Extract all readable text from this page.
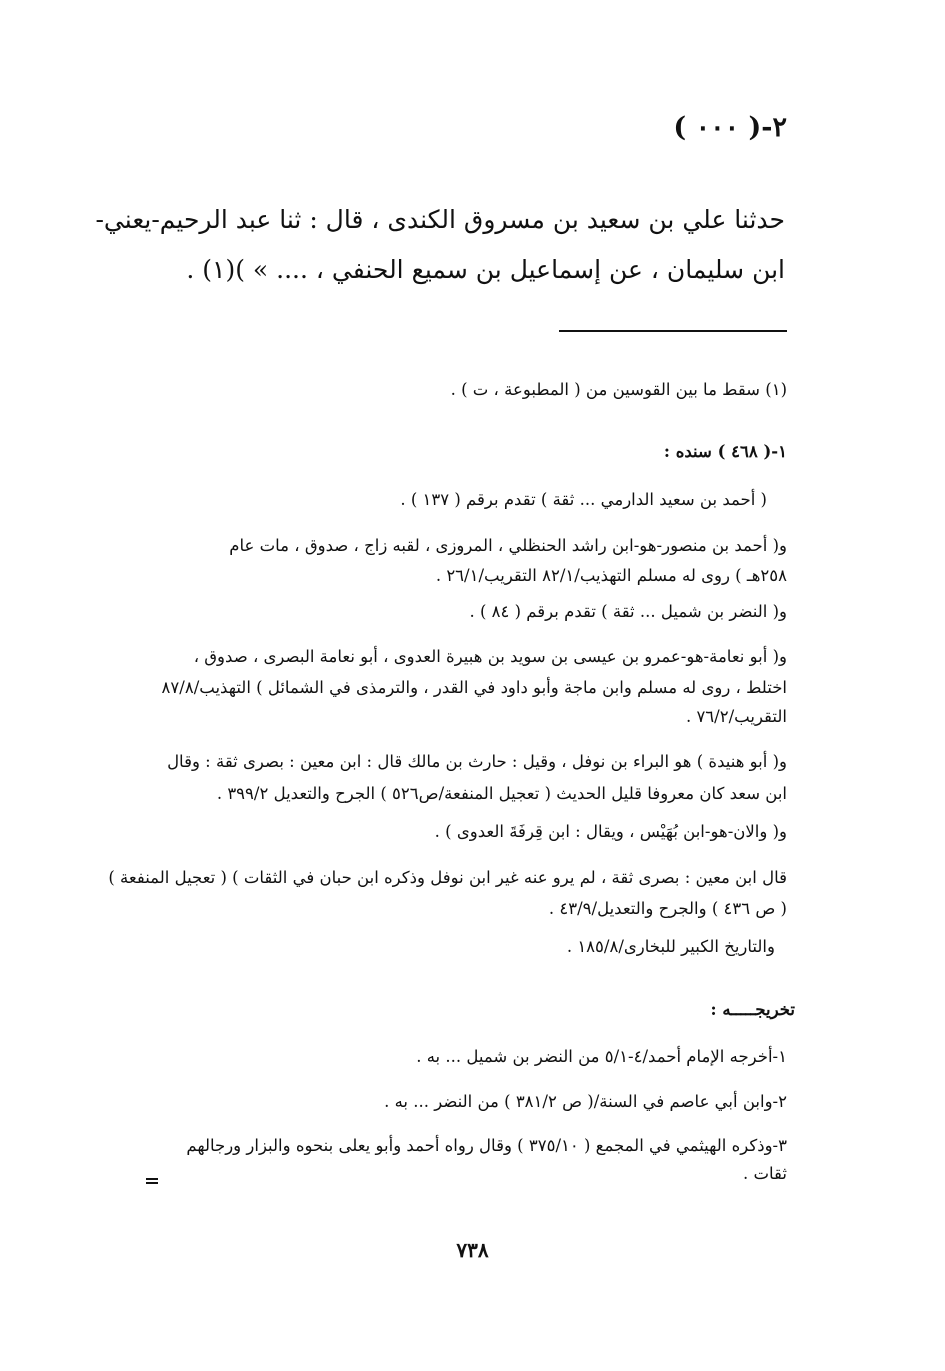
٢-( ٠٠٠ )

حدثنا علي بن سعيد بن مسروق الكندى ، قال : ثنا عبد الرحيم-يعني-

ابن سليمان ، عن إسماعيل بن سميع الحنفي ، .... » )(١) .

(١) سقط ما بين القوسين من ( المطبوعة ، ت ) .

١-( ٤٦٨ ) سنده :

( أحمد بن سعيد الدارمي ... ثقة ) تقدم برقم ( ١٣٧ ) .

و( أحمد بن منصور-هو-ابن راشد الحنظلي ، المروزى ، لقبه زاج ، صدوق ، مات عام

٢٥٨هـ ) روى له مسلم التهذيب/٨٢/١ التقريب/٢٦/١ .

و( النضر بن شميل ... ثقة ) تقدم برقم ( ٨٤ ) .

و( أبو نعامة-هو-عمرو بن عيسى بن سويد بن هبيرة العدوى ، أبو نعامة البصرى ، صدوق ،

اختلط ، روى له مسلم وابن ماجة وأبو داود في القدر ، والترمذى في الشمائل ) التهذيب/٨٧/٨

التقريب/٧٦/٢ .

و( أبو هنيدة ) هو البراء بن نوفل ، وقيل : حارث بن مالك قال : ابن معين : بصرى ثقة : وقال

ابن سعد كان معروفا قليل الحديث ( تعجيل المنفعة/ص٥٢٦ ) الجرح والتعديل ٣٩٩/٢ .

و( والان-هو-ابن بُهَيْس ، ويقال : ابن قِرفَةَ العدوى ) .

قال ابن معين : بصرى ثقة ، لم يرو عنه غير ابن نوفل وذكره ابن حبان في الثقات ) ( تعجيل المنفعة )

( ص ٤٣٦ ) والجرح والتعديل/٤٣/٩ .

والتاريخ الكبير للبخارى/١٨٥/٨ .

تخريجـــــه :

١-أخرجه الإمام أحمد/٤-٥/١ من النضر بن شميل ... به .

٢-وابن أبي عاصم في السنة/( ص ٣٨١/٢ ) من النضر ... به .

٣-وذكره الهيثمي في المجمع ( ٣٧٥/١٠ ) وقال رواه أحمد وأبو يعلى بنحوه والبزار ورجالهم

ثقات .

٧٣٨
